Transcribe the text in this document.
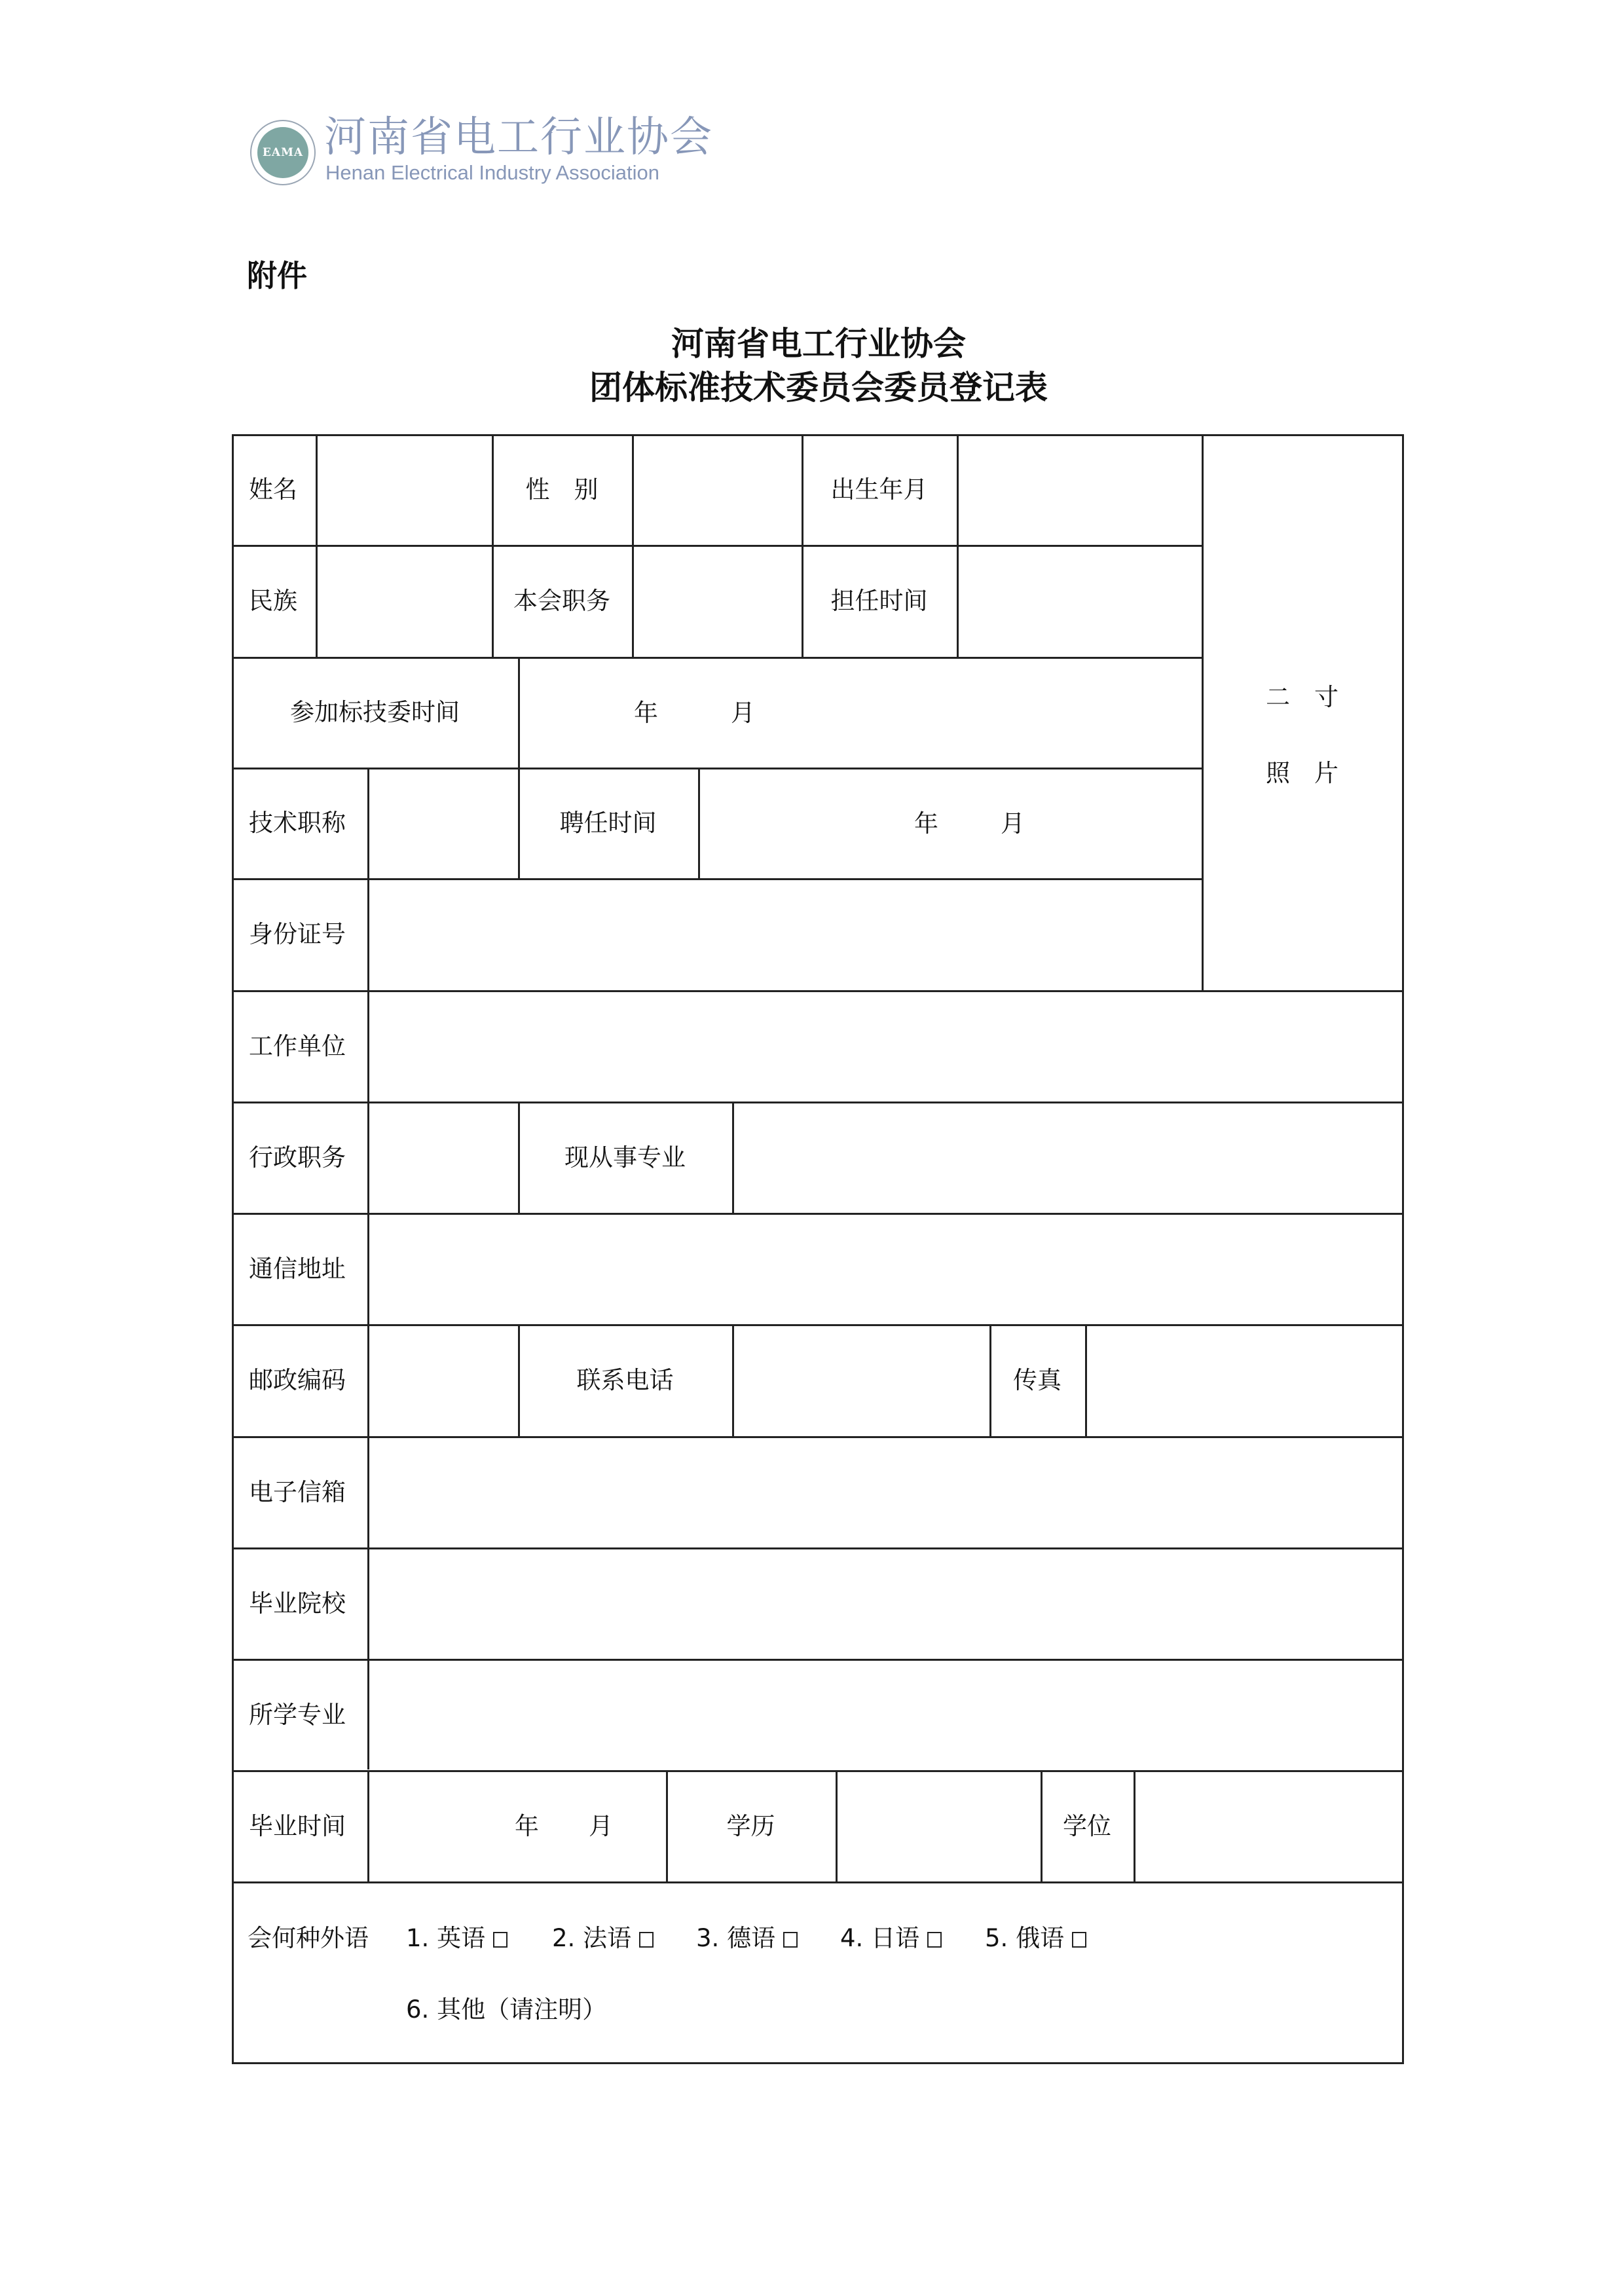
EAMA 河南省电工行业协会
Henan Electrical Industry Association
附件
河南省电工行业协会
团体标准技术委员会委员登记表
姓名	性　别	出生年月
民族	本会职务	担任时间
参加标技委时间	年	月
技术职称	聘任时间	年	月
身份证号
二　寸
照　片
工作单位
行政职务	现从事专业
通信地址
邮政编码	联系电话	传真
电子信箱
毕业院校
所学专业
毕业时间	年 月	学历	学位
会何种外语 1. 英语	2. 法语	3. 德语	4. 日语	5. 俄语
6. 其他（请注明）
